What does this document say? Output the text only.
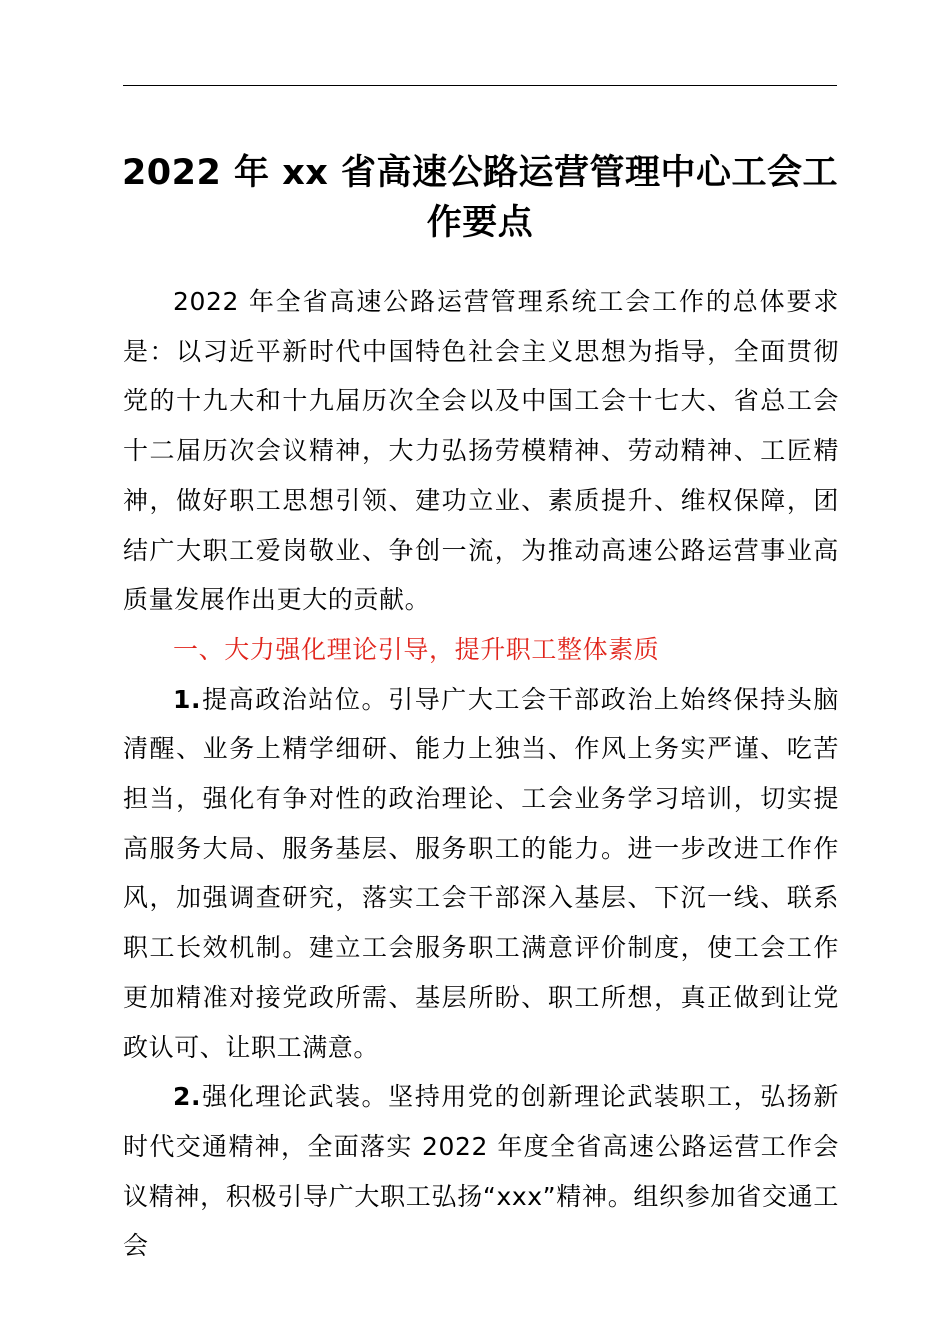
2022 年 xx 省高速公路运营管理中心工会工
作要点

2022 年全省高速公路运营管理系统工会工作的总体要求是：以习近平新时代中国特色社会主义思想为指导，全面贯彻党的十九大和十九届历次全会以及中国工会十七大、省总工会十二届历次会议精神，大力弘扬劳模精神、劳动精神、工匠精神，做好职工思想引领、建功立业、素质提升、维权保障，团结广大职工爱岗敬业、争创一流，为推动高速公路运营事业高质量发展作出更大的贡献。

一、大力强化理论引导，提升职工整体素质

1.提高政治站位。引导广大工会干部政治上始终保持头脑清醒、业务上精学细研、能力上独当、作风上务实严谨、吃苦担当，强化有争对性的政治理论、工会业务学习培训，切实提高服务大局、服务基层、服务职工的能力。进一步改进工作作风，加强调查研究，落实工会干部深入基层、下沉一线、联系职工长效机制。建立工会服务职工满意评价制度，使工会工作更加精准对接党政所需、基层所盼、职工所想，真正做到让党政认可、让职工满意。

2.强化理论武装。坚持用党的创新理论武装职工，弘扬新时代交通精神，全面落实 2022 年度全省高速公路运营工作会议精神，积极引导广大职工弘扬“xxx”精神。组织参加省交通工会
